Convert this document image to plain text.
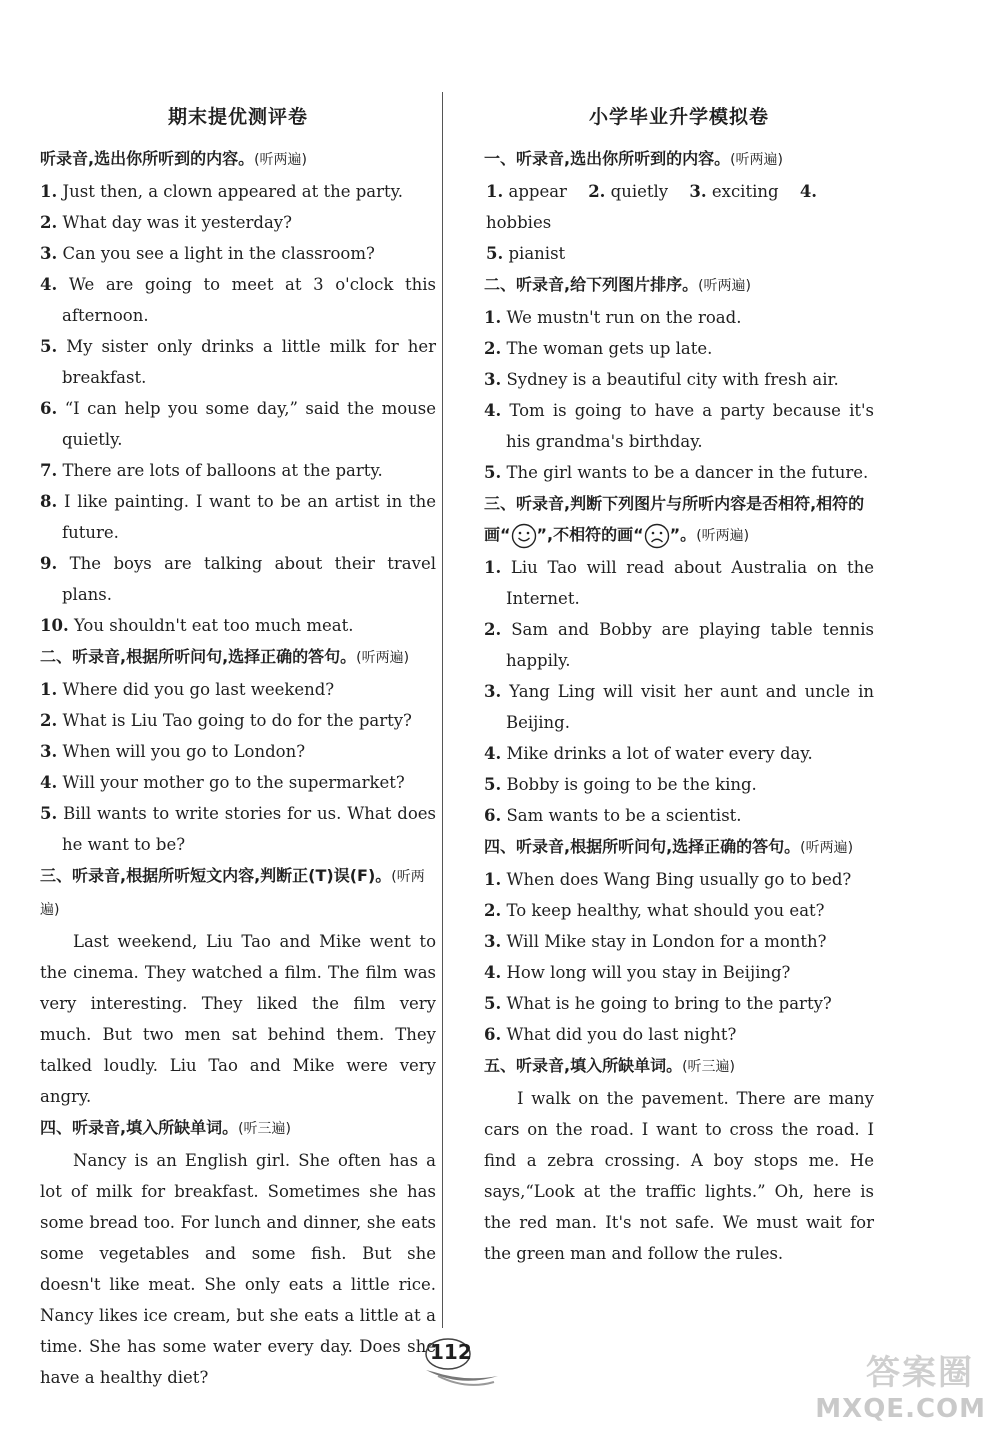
期末提优测评卷
听录音,选出你所听到的内容。(听两遍)
1. Just then, a clown appeared at the party.
2. What day was it yesterday?
3. Can you see a light in the classroom?
4. We are going to meet at 3 o'clock this afternoon.
5. My sister only drinks a little milk for her breakfast.
6. “I can help you some day,” said the mouse quietly.
7. There are lots of balloons at the party.
8. I like painting. I want to be an artist in the future.
9. The boys are talking about their travel plans.
10. You shouldn't eat too much meat.
二、听录音,根据所听问句,选择正确的答句。(听两遍)
1. Where did you go last weekend?
2. What is Liu Tao going to do for the party?
3. When will you go to London?
4. Will your mother go to the supermarket?
5. Bill wants to write stories for us. What does he want to be?
三、听录音,根据所听短文内容,判断正(T)误(F)。(听两遍)
Last weekend, Liu Tao and Mike went to the cinema. They watched a film. The film was very interesting. They liked the film very much. But two men sat behind them. They talked loudly. Liu Tao and Mike were very angry.
四、听录音,填入所缺单词。(听三遍)
Nancy is an English girl. She often has a lot of milk for breakfast. Sometimes she has some bread too. For lunch and dinner, she eats some vegetables and some fish. But she doesn't like meat. She only eats a little rice. Nancy likes ice cream, but she eats a little at a time. She has some water every day. Does she have a healthy diet?
小学毕业升学模拟卷
一、听录音,选出你所听到的内容。(听两遍)
1. appear 2. quietly 3. exciting 4. hobbies
5. pianist
二、听录音,给下列图片排序。(听两遍)
1. We mustn't run on the road.
2. The woman gets up late.
3. Sydney is a beautiful city with fresh air.
4. Tom is going to have a party because it's his grandma's birthday.
5. The girl wants to be a dancer in the future.
三、听录音,判断下列图片与所听内容是否相符,相符的画“ ”,不相符的画“ ”。(听两遍)
1. Liu Tao will read about Australia on the Internet.
2. Sam and Bobby are playing table tennis happily.
3. Yang Ling will visit her aunt and uncle in Beijing.
4. Mike drinks a lot of water every day.
5. Bobby is going to be the king.
6. Sam wants to be a scientist.
四、听录音,根据所听问句,选择正确的答句。(听两遍)
1. When does Wang Bing usually go to bed?
2. To keep healthy, what should you eat?
3. Will Mike stay in London for a month?
4. How long will you stay in Beijing?
5. What is he going to bring to the party?
6. What did you do last night?
五、听录音,填入所缺单词。(听三遍)
I walk on the pavement. There are many cars on the road. I want to cross the road. I find a zebra crossing. A boy stops me. He says,“Look at the traffic lights.” Oh, here is the red man. It's not safe. We must wait for the green man and follow the rules.
112
答案圈
MXQE.COM
